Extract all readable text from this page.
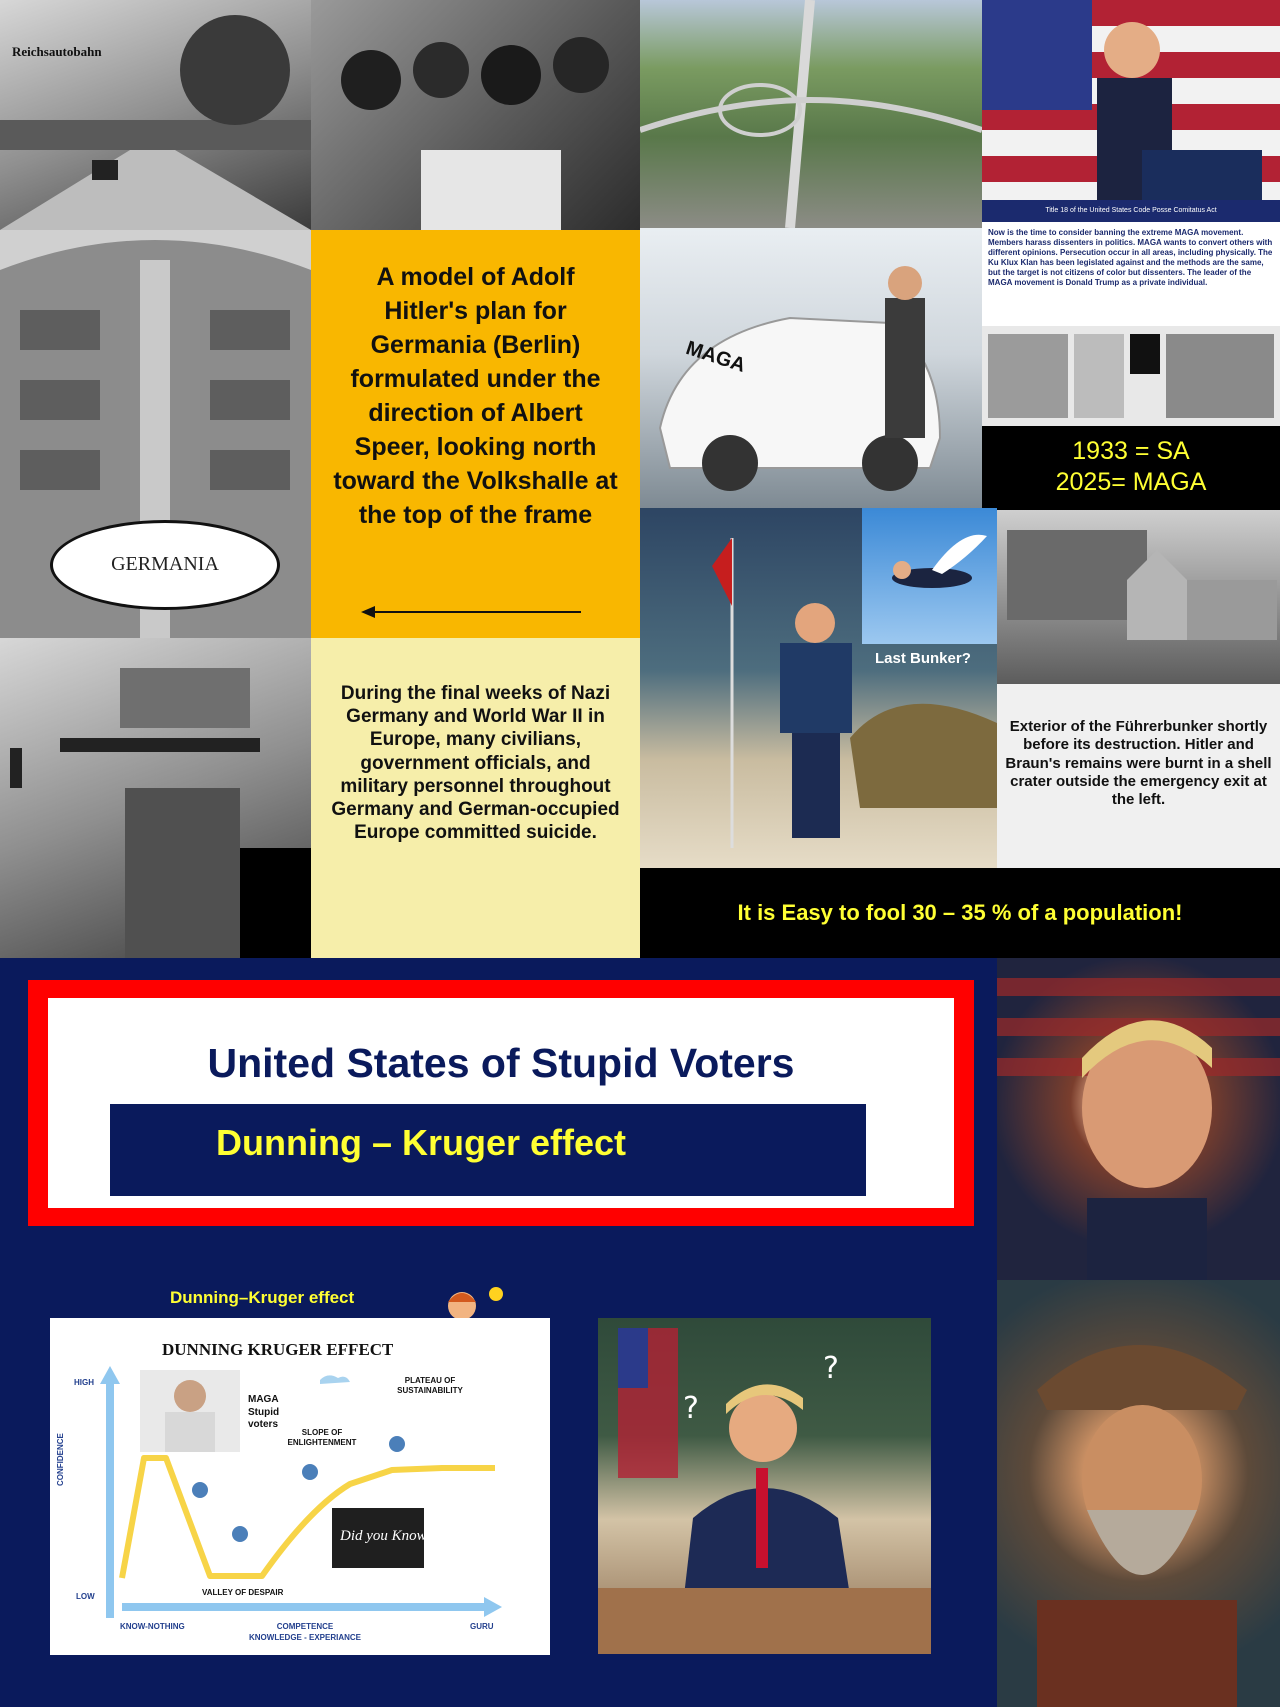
Reichsautobahn
Title 18 of the United States Code Posse Comitatus Act
Now is the time to consider banning the extreme MAGA movement. Members harass dissenters in politics. MAGA wants to convert others with different opinions. Persecution occur in all areas, including physically. The Ku Klux Klan has been legislated against and the methods are the same, but the target is not citizens of color but dissenters. The leader of the MAGA movement is Donald Trump as a private individual.
GERMANIA
A model of Adolf Hitler's plan for Germania (Berlin) formulated under the direction of Albert Speer, looking north toward the Volkshalle at the top of the frame
MAGA
1933 = SA
2025= MAGA
Last Bunker?
Exterior of the Führerbunker shortly before its destruction. Hitler and Braun's remains were burnt in a shell crater outside the emergency exit at the left.
During the final weeks of Nazi Germany and World War II in Europe, many civilians, government officials, and military personnel throughout Germany and German-occupied Europe committed suicide.
It is Easy to fool 30 – 35 % of a population!
United States of Stupid Voters
Dunning – Kruger effect
Dunning–Kruger effect
DUNNING KRUGER EFFECT
MAGA Stupid voters
HIGH
LOW
CONFIDENCE
PLATEAU OF SUSTAINABILITY
SLOPE OF ENLIGHTENMENT
VALLEY OF DESPAIR
Did you Know?
KNOW-NOTHING	COMPETENCE
KNOWLEDGE - EXPERIANCE
GURU
?
?
